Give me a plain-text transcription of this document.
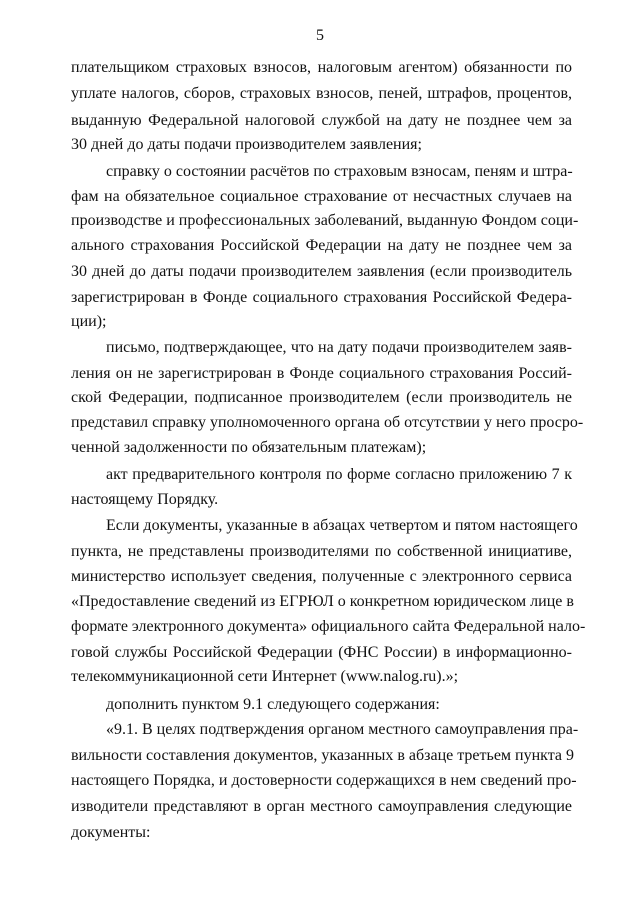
5
плательщиком страховых взносов, налоговым агентом) обязанности по
уплате налогов, сборов, страховых взносов, пеней, штрафов, процентов,
выданную Федеральной налоговой службой на дату не позднее чем за
30 дней до даты подачи производителем заявления;
справку о состоянии расчётов по страховым взносам, пеням и штра-
фам на обязательное социальное страхование от несчастных случаев на
производстве и профессиональных заболеваний, выданную Фондом соци-
ального страхования Российской Федерации на дату не позднее чем за
30 дней до даты подачи производителем заявления (если производитель
зарегистрирован в Фонде социального страхования Российской Федера-
ции);
письмо, подтверждающее, что на дату подачи производителем заяв-
ления он не зарегистрирован в Фонде социального страхования Россий-
ской Федерации, подписанное производителем (если производитель не
представил справку уполномоченного органа об отсутствии у него просро-
ченной задолженности по обязательным платежам);
акт предварительного контроля по форме согласно приложению 7 к
настоящему Порядку.
Если документы, указанные в абзацах четвертом и пятом настоящего
пункта, не представлены производителями по собственной инициативе,
министерство использует сведения, полученные с электронного сервиса
«Предоставление сведений из ЕГРЮЛ о конкретном юридическом лице в
формате электронного документа» официального сайта Федеральной нало-
говой службы Российской Федерации (ФНС России) в информационно-
телекоммуникационной сети Интернет (www.nalog.ru).»;
дополнить пунктом 9.1 следующего содержания:
«9.1. В целях подтверждения органом местного самоуправления пра-
вильности составления документов, указанных в абзаце третьем пункта 9
настоящего Порядка, и достоверности содержащихся в нем сведений про-
изводители представляют в орган местного самоуправления следующие
документы:
